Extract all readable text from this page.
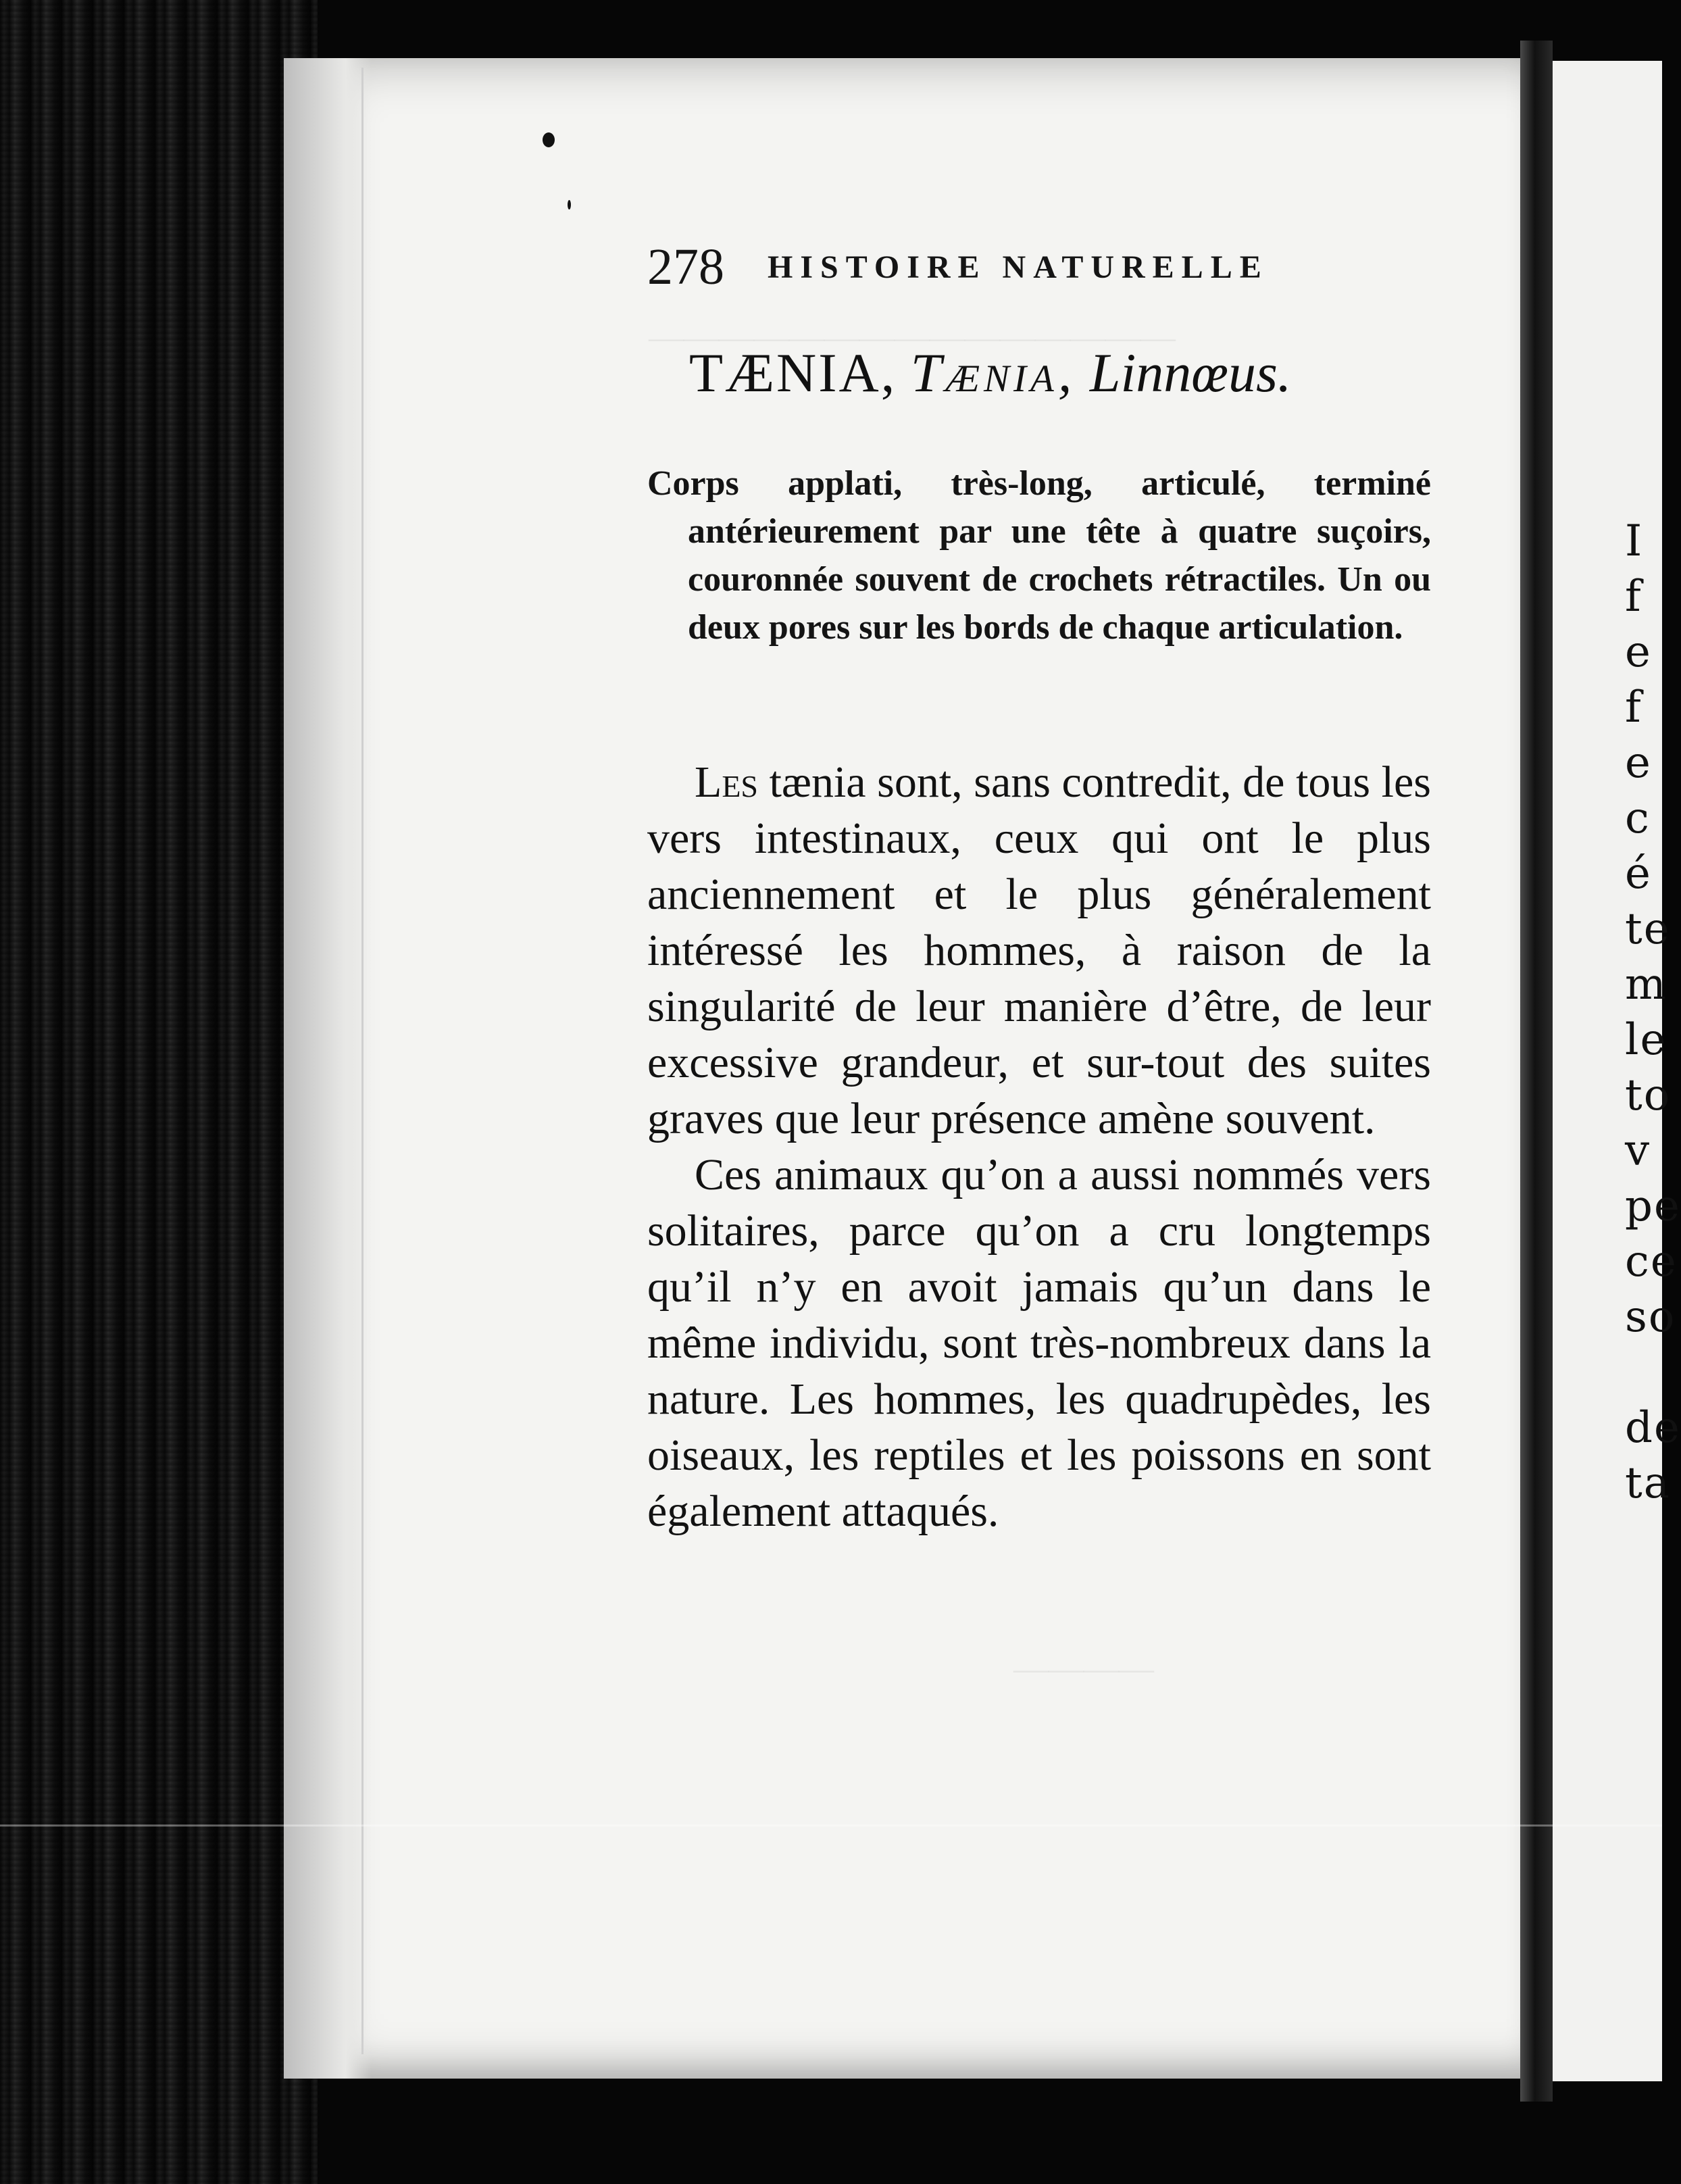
I
f
e
f
e
c
é
te
m
le
to
v
pe
ce
so

de
ta
———————————————
————
278 HISTOIRE NATURELLE
TÆNIA, Tænia, Linnœus.

Corps applati, très-long, articulé, terminé antérieurement par une tête à quatre suçoirs, couronnée souvent de crochets rétractiles. Un ou deux pores sur les bords de chaque articulation.

Les tænia sont, sans contredit, de tous les vers intestinaux, ceux qui ont le plus anciennement et le plus généralement intéressé les hommes, à raison de la singularité de leur manière d’être, de leur excessive grandeur, et sur-tout des suites graves que leur présence amène souvent.

Ces animaux qu’on a aussi nommés vers solitaires, parce qu’on a cru longtemps qu’il n’y en avoit jamais qu’un dans le même individu, sont très-nombreux dans la nature. Les hommes, les quadrupèdes, les oiseaux, les reptiles et les poissons en sont également attaqués.
